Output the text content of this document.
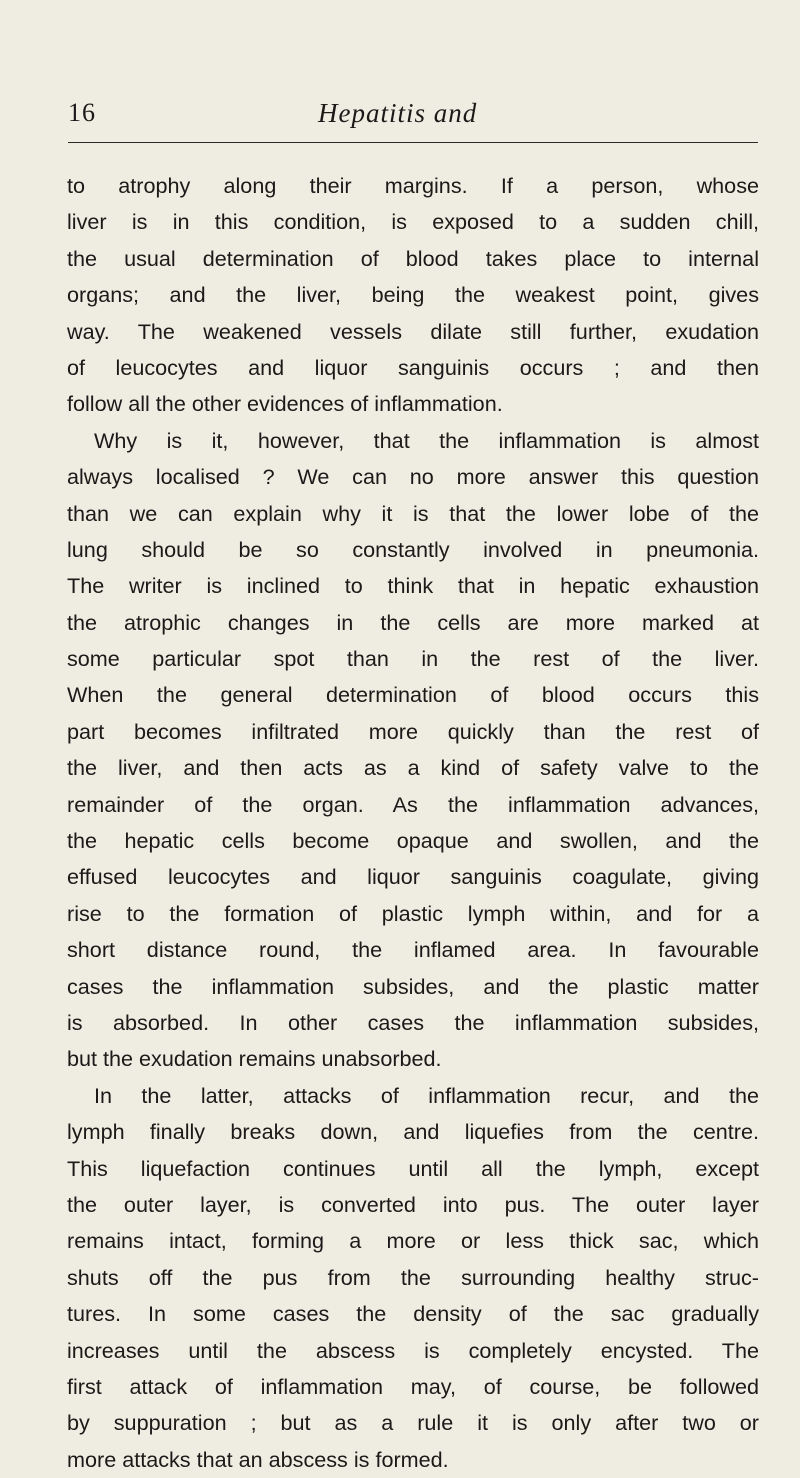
16	Hepatitis and
to atrophy along their margins. If a person, whose
liver is in this condition, is exposed to a sudden chill,
the usual determination of blood takes place to internal
organs; and the liver, being the weakest point, gives
way. The weakened vessels dilate still further, exudation
of leucocytes and liquor sanguinis occurs ; and then
follow all the other evidences of inflammation.
Why is it, however, that the inflammation is almost
always localised ? We can no more answer this question
than we can explain why it is that the lower lobe of the
lung should be so constantly involved in pneumonia.
The writer is inclined to think that in hepatic exhaustion
the atrophic changes in the cells are more marked at
some particular spot than in the rest of the liver.
When the general determination of blood occurs this
part becomes infiltrated more quickly than the rest of
the liver, and then acts as a kind of safety valve to the
remainder of the organ. As the inflammation advances,
the hepatic cells become opaque and swollen, and the
effused leucocytes and liquor sanguinis coagulate, giving
rise to the formation of plastic lymph within, and for a
short distance round, the inflamed area. In favourable
cases the inflammation subsides, and the plastic matter
is absorbed. In other cases the inflammation subsides,
but the exudation remains unabsorbed.
In the latter, attacks of inflammation recur, and the
lymph finally breaks down, and liquefies from the centre.
This liquefaction continues until all the lymph, except
the outer layer, is converted into pus. The outer layer
remains intact, forming a more or less thick sac, which
shuts off the pus from the surrounding healthy struc-
tures. In some cases the density of the sac gradually
increases until the abscess is completely encysted. The
first attack of inflammation may, of course, be followed
by suppuration ; but as a rule it is only after two or
more attacks that an abscess is formed.
